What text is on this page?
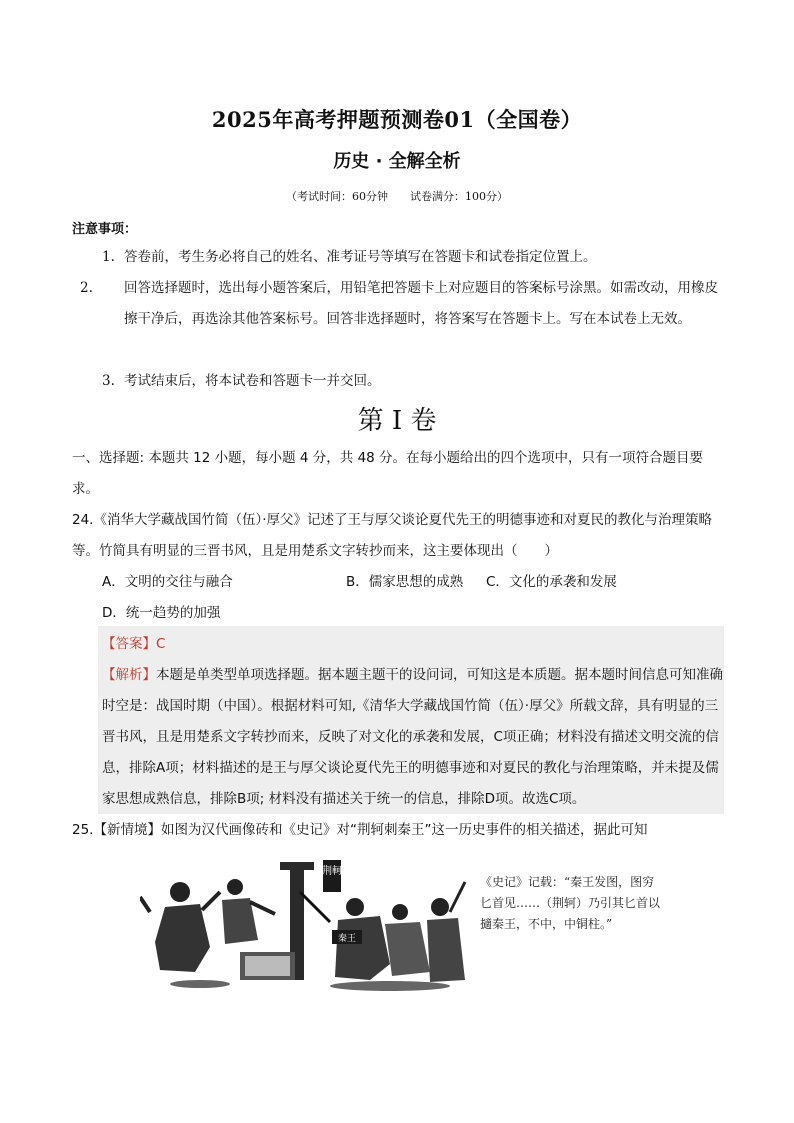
2025年高考押题预测卷01（全国卷）
历史 · 全解全析
（考试时间：60分钟　　试卷满分：100分）
注意事项：
1. 答卷前，考生务必将自己的姓名、准考证号等填写在答题卡和试卷指定位置上。
2. 回答选择题时，选出每小题答案后，用铅笔把答题卡上对应题目的答案标号涂黑。如需改动，用橡皮擦干净后，再选涂其他答案标号。回答非选择题时，将答案写在答题卡上。写在本试卷上无效。
3. 考试结束后，将本试卷和答题卡一并交回。
第 I 卷
一、选择题: 本题共 12 小题，每小题 4 分，共 48 分。在每小题给出的四个选项中，只有一项符合题目要求。
24.《消华大学藏战国竹简（伍）·厚父》记述了王与厚父谈论夏代先王的明德事迹和对夏民的教化与治理策略等。竹简具有明显的三晋书风，且是用楚系文字转抄而来，这主要体现出（　　）
A．文明的交往与融合	B．儒家思想的成熟 C．文化的承袭和发展D．统一趋势的加强
【答案】C
【解析】本题是单类型单项选择题。据本题主题干的设问词，可知这是本质题。据本题时间信息可知准确时空是：战国时期（中国）。根据材料可知,《清华大学藏战国竹简（伍）·厚父》所载文辞，具有明显的三晋书风，且是用楚系文字转抄而来，反映了对文化的承袭和发展，C项正确；材料没有描述文明交流的信息，排除A项；材料描述的是王与厚父谈论夏代先王的明德事迹和对夏民的教化与治理策略，并未提及儒家思想成熟信息，排除B项; 材料没有描述关于统一的信息，排除D项。故选C项。
25.【新情境】如图为汉代画像砖和《史记》对“荆轲刺秦王”这一历史事件的相关描述，据此可知
荆軻
秦王
《史记》记载：“秦王发图，图穷匕首见……（荆轲）乃引其匕首以擿秦王，不中，中铜柱。”
